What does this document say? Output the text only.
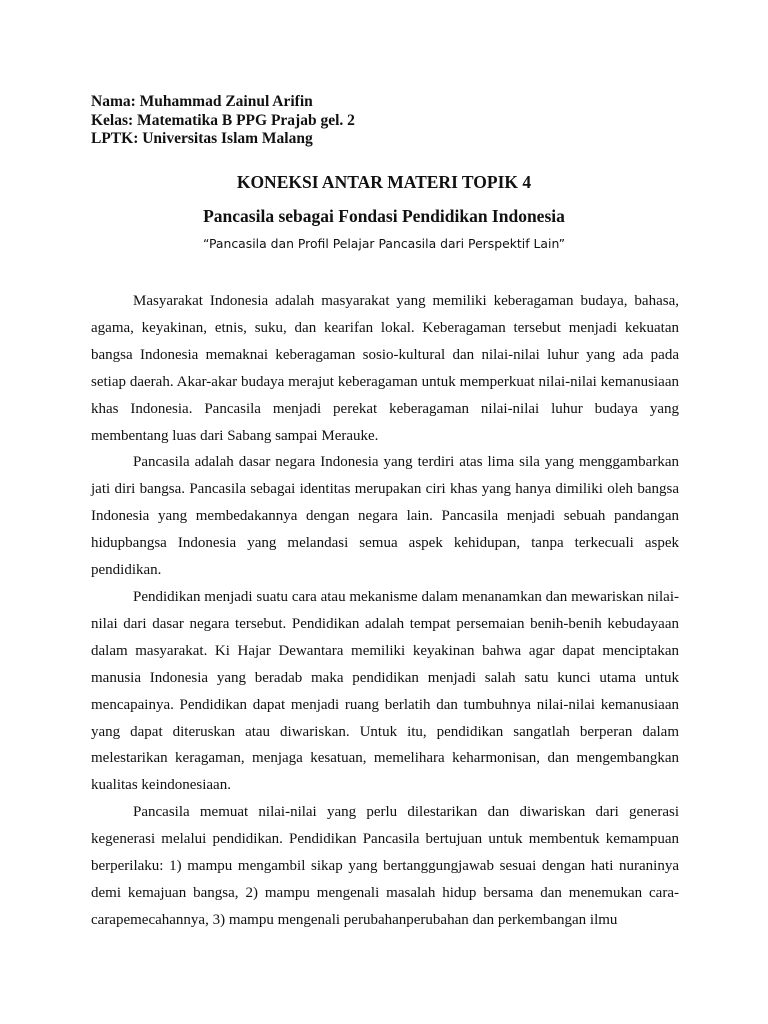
Nama: Muhammad Zainul Arifin
Kelas: Matematika B PPG Prajab gel. 2
LPTK: Universitas Islam Malang
KONEKSI ANTAR MATERI TOPIK 4
Pancasila sebagai Fondasi Pendidikan Indonesia
“Pancasila dan Profil Pelajar Pancasila dari Perspektif Lain”

Masyarakat Indonesia adalah masyarakat yang memiliki keberagaman budaya, bahasa, agama, keyakinan, etnis, suku, dan kearifan lokal. Keberagaman tersebut menjadi kekuatan bangsa Indonesia memaknai keberagaman sosio-kultural dan nilai-nilai luhur yang ada pada setiap daerah. Akar-akar budaya merajut keberagaman untuk memperkuat nilai-nilai kemanusiaan khas Indonesia. Pancasila menjadi perekat keberagaman nilai-nilai luhur budaya yang membentang luas dari Sabang sampai Merauke.

Pancasila adalah dasar negara Indonesia yang terdiri atas lima sila yang menggambarkan jati diri bangsa. Pancasila sebagai identitas merupakan ciri khas yang hanya dimiliki oleh bangsa Indonesia yang membedakannya dengan negara lain. Pancasila menjadi sebuah pandangan hidupbangsa Indonesia yang melandasi semua aspek kehidupan, tanpa terkecuali aspek pendidikan.

Pendidikan menjadi suatu cara atau mekanisme dalam menanamkan dan mewariskan nilai-nilai dari dasar negara tersebut. Pendidikan adalah tempat persemaian benih-benih kebudayaan dalam masyarakat. Ki Hajar Dewantara memiliki keyakinan bahwa agar dapat menciptakan manusia Indonesia yang beradab maka pendidikan menjadi salah satu kunci utama untuk mencapainya. Pendidikan dapat menjadi ruang berlatih dan tumbuhnya nilai-nilai kemanusiaan yang dapat diteruskan atau diwariskan. Untuk itu, pendidikan sangatlah berperan dalam melestarikan keragaman, menjaga kesatuan, memelihara keharmonisan, dan mengembangkan kualitas keindonesiaan.

Pancasila memuat nilai-nilai yang perlu dilestarikan dan diwariskan dari generasi kegenerasi melalui pendidikan. Pendidikan Pancasila bertujuan untuk membentuk kemampuan berperilaku: 1) mampu mengambil sikap yang bertanggungjawab sesuai dengan hati nuraninya demi kemajuan bangsa, 2) mampu mengenali masalah hidup bersama dan menemukan cara-carapemecahannya, 3) mampu mengenali perubahanperubahan dan perkembangan ilmu
